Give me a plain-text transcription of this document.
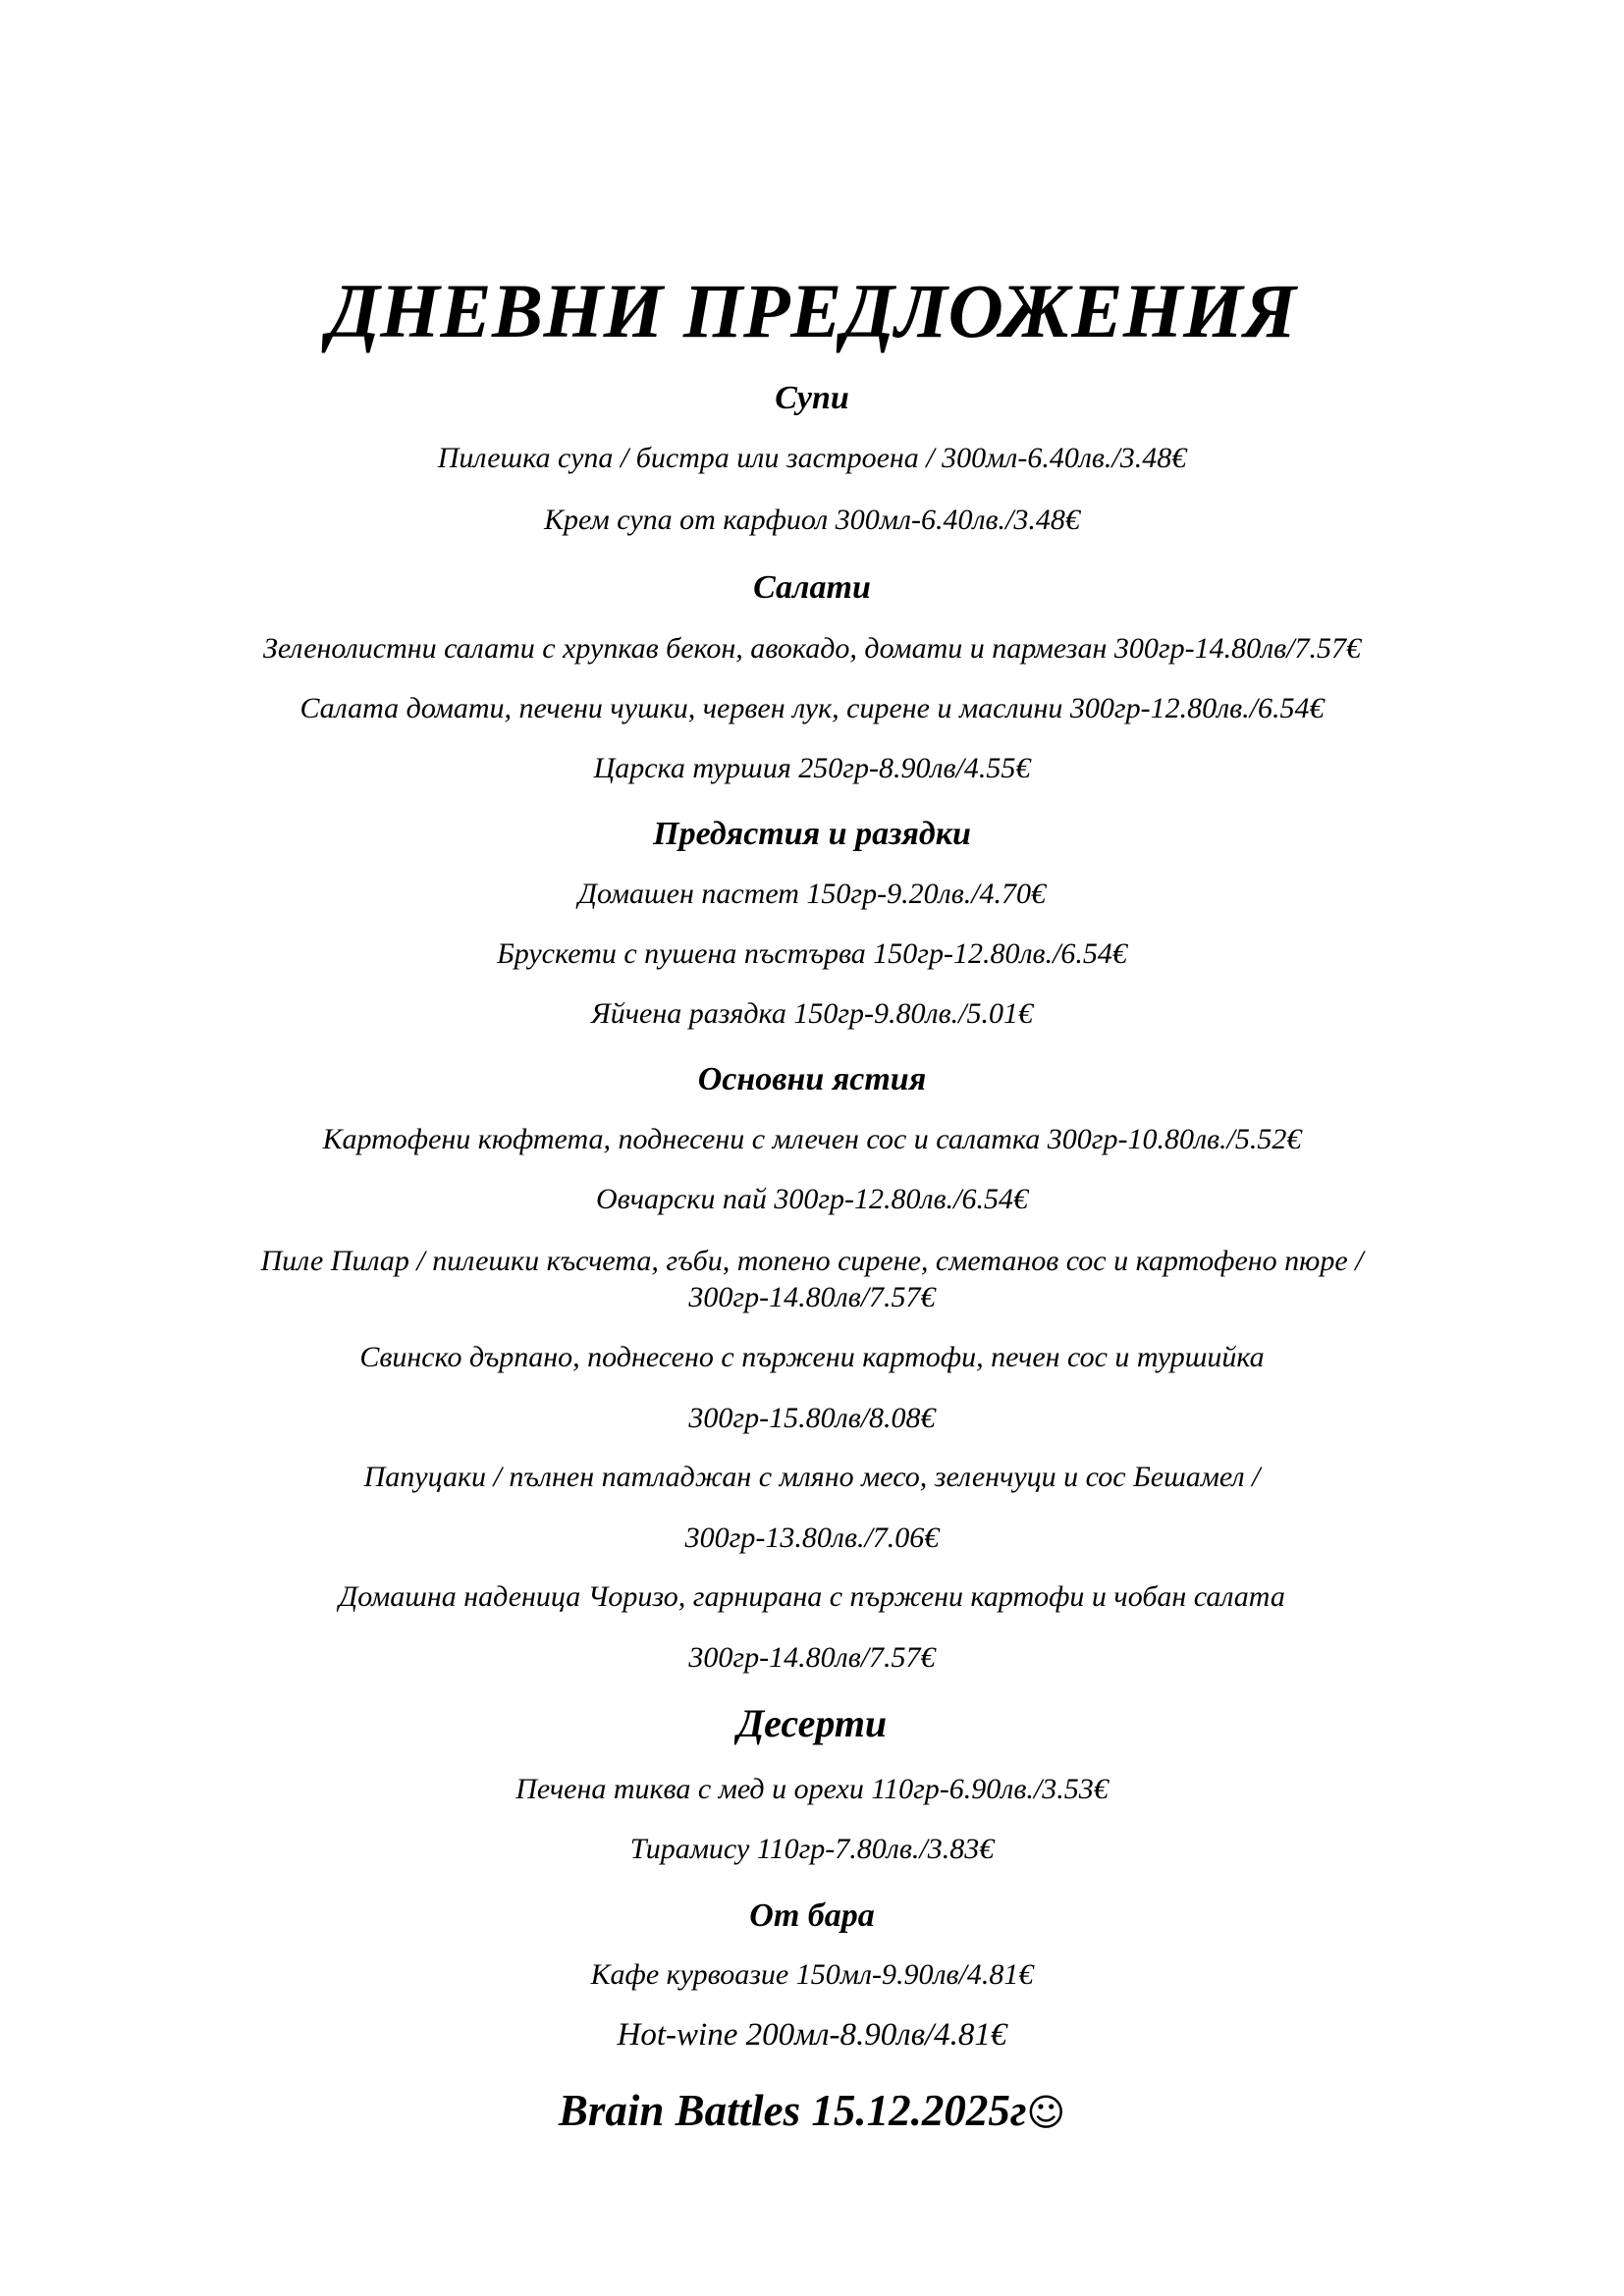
ДНЕВНИ ПРЕДЛОЖЕНИЯ
Супи
Пилешка супа / бистра или застроена / 300мл-6.40лв./3.48€
Крем супа от карфиол 300мл-6.40лв./3.48€
Салати
Зеленолистни салати с хрупкав бекон, авокадо, домати и пармезан 300гр-14.80лв/7.57€
Салата домати, печени чушки, червен лук, сирене и маслини 300гр-12.80лв./6.54€
Царска туршия 250гр-8.90лв/4.55€
Предястия и разядки
Домашен пастет 150гр-9.20лв./4.70€
Брускети с пушена пъстърва 150гр-12.80лв./6.54€
Яйчена разядка 150гр-9.80лв./5.01€
Основни ястия
Картофени кюфтета, поднесени с млечен сос и салатка 300гр-10.80лв./5.52€
Овчарски пай 300гр-12.80лв./6.54€
Пиле Пилар / пилешки късчета, гъби, топено сирене, сметанов сос и картофено пюре /
300гр-14.80лв/7.57€
Свинско дърпано, поднесено с пържени картофи, печен сос и туршийка
300гр-15.80лв/8.08€
Папуцаки / пълнен патладжан с мляно месо, зеленчуци и сос Бешамел /
300гр-13.80лв./7.06€
Домашна наденица Чоризо, гарнирана с пържени картофи и чобан салата
300гр-14.80лв/7.57€
Десерти
Печена тиква с мед и орехи 110гр-6.90лв./3.53€
Тирамису 110гр-7.80лв./3.83€
От бара
Кафе курвоазие 150мл-9.90лв/4.81€
Hot-wine 200мл-8.90лв/4.81€
Brain Battles 15.12.2025г☺
